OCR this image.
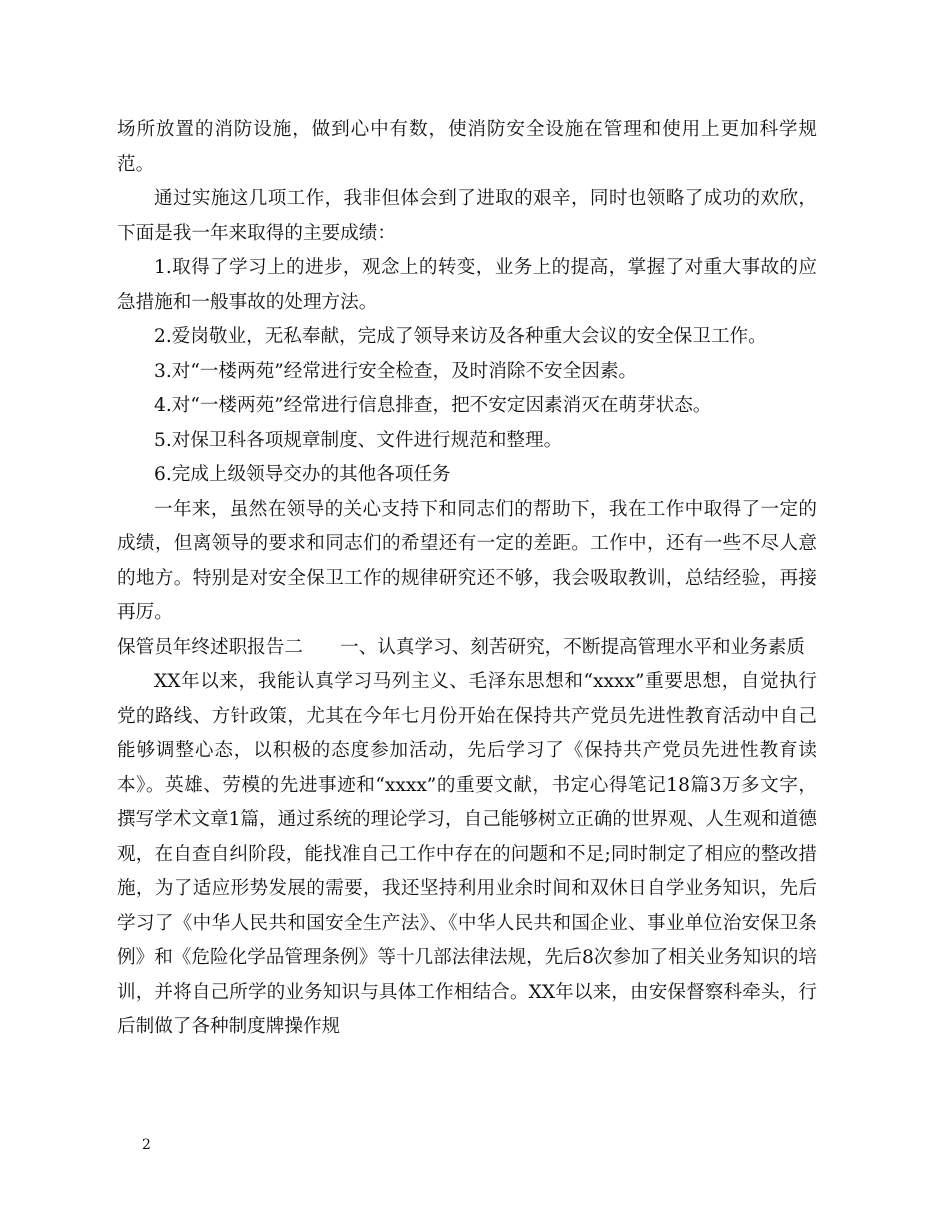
场所放置的消防设施，做到心中有数，使消防安全设施在管理和使用上更加科学规范。

通过实施这几项工作，我非但体会到了进取的艰辛，同时也领略了成功的欢欣，下面是我一年来取得的主要成绩：

1.取得了学习上的进步，观念上的转变，业务上的提高，掌握了对重大事故的应急措施和一般事故的处理方法。

2.爱岗敬业，无私奉献，完成了领导来访及各种重大会议的安全保卫工作。

3.对“一楼两苑”经常进行安全检查，及时消除不安全因素。

4.对“一楼两苑”经常进行信息排查，把不安定因素消灭在萌芽状态。

5.对保卫科各项规章制度、文件进行规范和整理。

6.完成上级领导交办的其他各项任务

一年来，虽然在领导的关心支持下和同志们的帮助下，我在工作中取得了一定的成绩，但离领导的要求和同志们的希望还有一定的差距。工作中，还有一些不尽人意的地方。特别是对安全保卫工作的规律研究还不够，我会吸取教训，总结经验，再接再厉。

保管员年终述职报告二　　一、认真学习、刻苦研究，不断提高管理水平和业务素质

XX年以来，我能认真学习马列主义、毛泽东思想和“xxxx”重要思想，自觉执行党的路线、方针政策，尤其在今年七月份开始在保持共产党员先进性教育活动中自己能够调整心态，以积极的态度参加活动，先后学习了《保持共产党员先进性教育读本》。英雄、劳模的先进事迹和“xxxx”的重要文献，书定心得笔记18篇3万多文字，撰写学术文章1篇，通过系统的理论学习，自己能够树立正确的世界观、人生观和道德观，在自查自纠阶段，能找准自己工作中存在的问题和不足;同时制定了相应的整改措施，为了适应形势发展的需要，我还坚持利用业余时间和双休日自学业务知识，先后学习了《中华人民共和国安全生产法》、《中华人民共和国企业、事业单位治安保卫条例》和《危险化学品管理条例》等十几部法律法规，先后8次参加了相关业务知识的培训，并将自己所学的业务知识与具体工作相结合。XX年以来，由安保督察科牵头，行后制做了各种制度牌操作规

2
